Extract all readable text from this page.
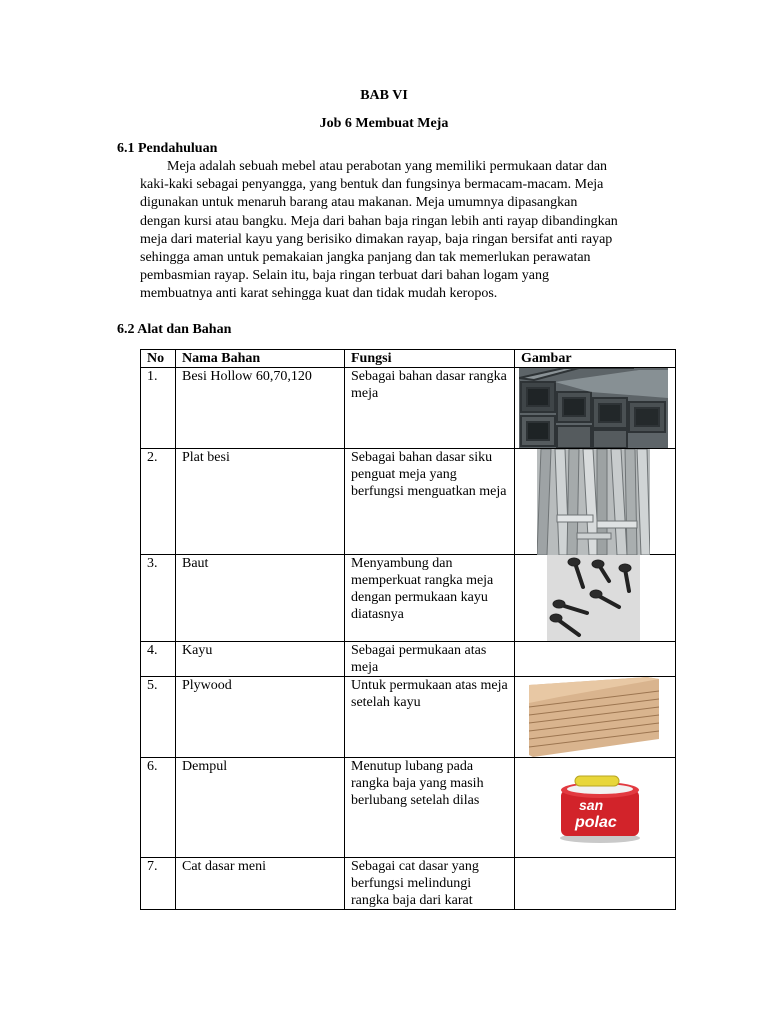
BAB VI
Job 6 Membuat Meja
6.1 Pendahuluan

Meja adalah sebuah mebel atau perabotan yang memiliki permukaan datar dan
kaki-kaki sebagai penyangga, yang bentuk dan fungsinya bermacam-macam. Meja
digunakan untuk menaruh barang atau makanan. Meja umumnya dipasangkan
dengan kursi atau bangku. Meja dari bahan baja ringan lebih anti rayap dibandingkan
meja dari material kayu yang berisiko dimakan rayap, baja ringan bersifat anti rayap
sehingga aman untuk pemakaian jangka panjang dan tak memerlukan perawatan
pembasmian rayap. Selain itu, baja ringan terbuat dari bahan logam yang
membuatnya anti karat sehingga kuat dan tidak mudah keropos.

6.2 Alat dan Bahan
No	Nama Bahan	Fungsi	Gambar
1.	Besi Hollow 60,70,120	Sebagai bahan dasar rangka meja	

2.	Plat besi	Sebagai bahan dasar siku penguat meja yang berfungsi menguatkan meja	

3.	Baut	Menyambung dan memperkuat rangka meja dengan permukaan kayu diatasnya	

4.	Kayu	Sebagai permukaan atas meja	
5.	Plywood	Untuk permukaan atas meja setelah kayu	

6.	Dempul	Menutup lubang pada rangka baja yang masih berlubang setelah dilas	san
polac

7.	Cat dasar meni	Sebagai cat dasar yang berfungsi melindungi rangka baja dari karat	
